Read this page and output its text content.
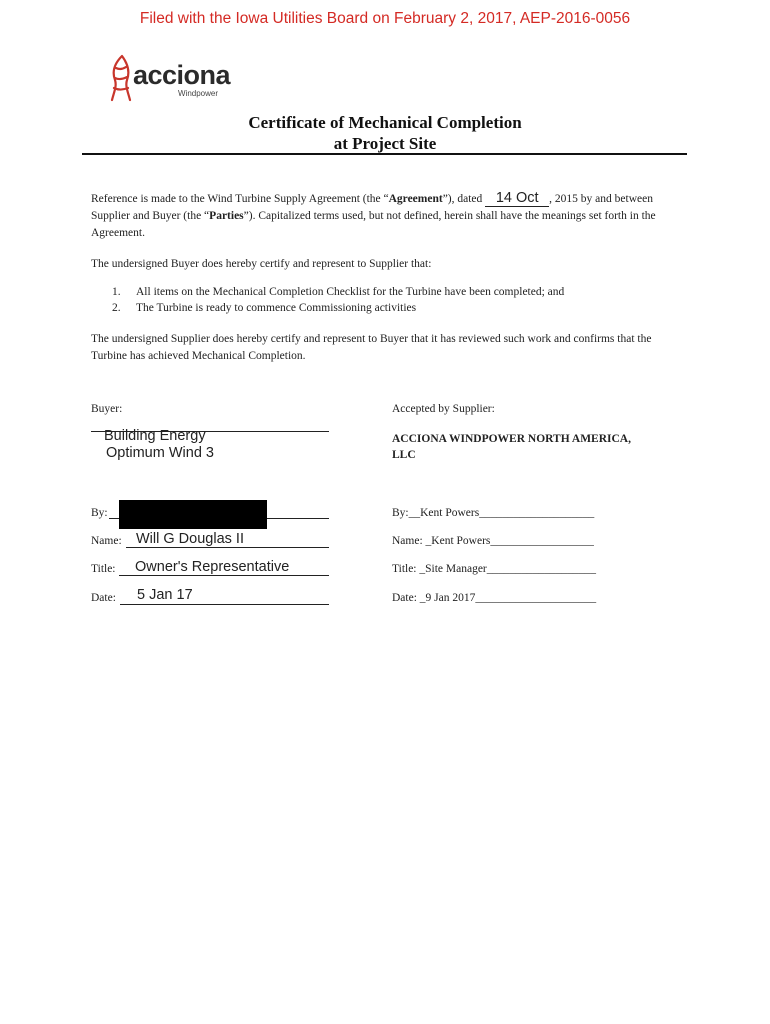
Filed with the Iowa Utilities Board on February 2, 2017, AEP-2016-0056
acciona
Windpower
Certificate of Mechanical Completion
at Project Site

Reference is made to the Wind Turbine Supply Agreement (the “Agreement”), dated 14 Oct , 2015 by and between Supplier and Buyer (the “Parties”). Capitalized terms used, but not defined, herein shall have the meanings set forth in the Agreement.

The undersigned Buyer does hereby certify and represent to Supplier that:

1. All items on the Mechanical Completion Checklist for the Turbine have been completed; and
2. The Turbine is ready to commence Commissioning activities

The undersigned Supplier does hereby certify and represent to Buyer that it has reviewed such work and confirms that the Turbine has achieved Mechanical Completion.

Buyer:
Building Energy
Optimum Wind 3
By:
Name: Will G Douglas II
Title: Owner's Representative
Date: 5 Jan 17
Accepted by Supplier:
ACCIONA WINDPOWER NORTH AMERICA,
LLC
By:__Kent Powers____________________
Name: _Kent Powers__________________
Title: _Site Manager___________________
Date: _9 Jan 2017_____________________
